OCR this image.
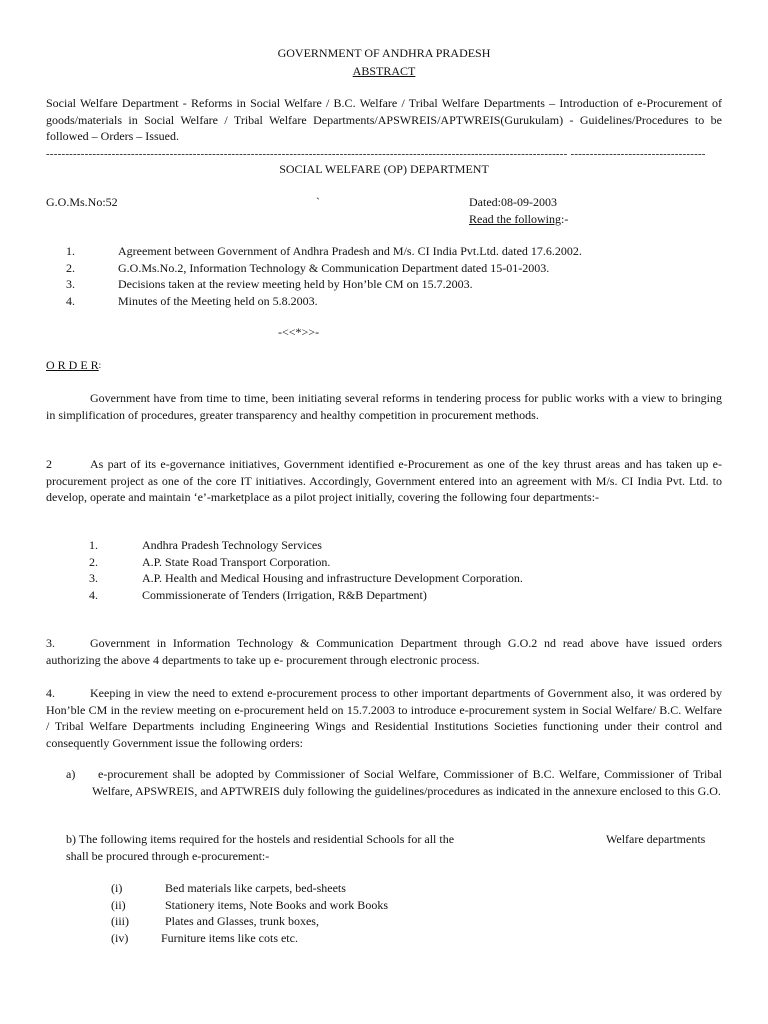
GOVERNMENT OF ANDHRA PRADESH
ABSTRACT
Social Welfare Department - Reforms in Social Welfare / B.C. Welfare / Tribal Welfare Departments – Introduction of e-Procurement of goods/materials in Social Welfare / Tribal Welfare Departments/APSWREIS/APTWREIS(Gurukulam) - Guidelines/Procedures to be followed – Orders – Issued.
--------------------------------------------------------------------------------------------------------------------------------------- -----------------------------------
SOCIAL WELFARE (OP) DEPARTMENT
G.O.Ms.No:52	`	Dated:08-09-2003
Read the following:-
1.	Agreement between Government of Andhra Pradesh and M/s. CI India Pvt.Ltd. dated 17.6.2002.
2.	G.O.Ms.No.2, Information Technology & Communication Department dated 15-01-2003.
3.	Decisions taken at the review meeting held by Hon’ble CM on 15.7.2003.
4.	Minutes of the Meeting held on 5.8.2003.
-<<*>>-
O R D E R:
Government have from time to time, been initiating several reforms in tendering process for public works with a view to bringing in simplification of procedures, greater transparency and healthy competition in procurement methods.
2	As part of its e-governance initiatives, Government identified e-Procurement as one of the key thrust areas and has taken up e-procurement project as one of the core IT initiatives. Accordingly, Government entered into an agreement with M/s. CI India Pvt. Ltd. to develop, operate and maintain ‘e’-marketplace as a pilot project initially, covering the following four departments:-
1.	Andhra Pradesh Technology Services
2.	A.P. State Road Transport Corporation.
3.	A.P. Health and Medical Housing and infrastructure Development Corporation.
4.	Commissionerate of Tenders (Irrigation, R&B Department)
3.	Government in Information Technology & Communication Department through G.O.2 nd read above have issued orders authorizing the above 4 departments to take up e- procurement through electronic process.
4.	Keeping in view the need to extend e-procurement process to other important departments of Government also, it was ordered by Hon’ble CM in the review meeting on e-procurement held on 15.7.2003 to introduce e-procurement system in Social Welfare/ B.C. Welfare / Tribal Welfare Departments including Engineering Wings and Residential Institutions Societies functioning under their control and consequently Government issue the following orders:
a)	e-procurement shall be adopted by Commissioner of Social Welfare, Commissioner of B.C. Welfare, Commissioner of Tribal Welfare, APSWREIS, and APTWREIS duly following the guidelines/procedures as indicated in the annexure enclosed to this G.O.
b) The following items required for the hostels and residential Schools for all the	Welfare departments
shall be procured through e-procurement:-
(i)	Bed materials like carpets, bed-sheets
(ii)	Stationery items, Note Books and work Books
(iii)	Plates and Glasses, trunk boxes,
(iv)	Furniture items like cots etc.
